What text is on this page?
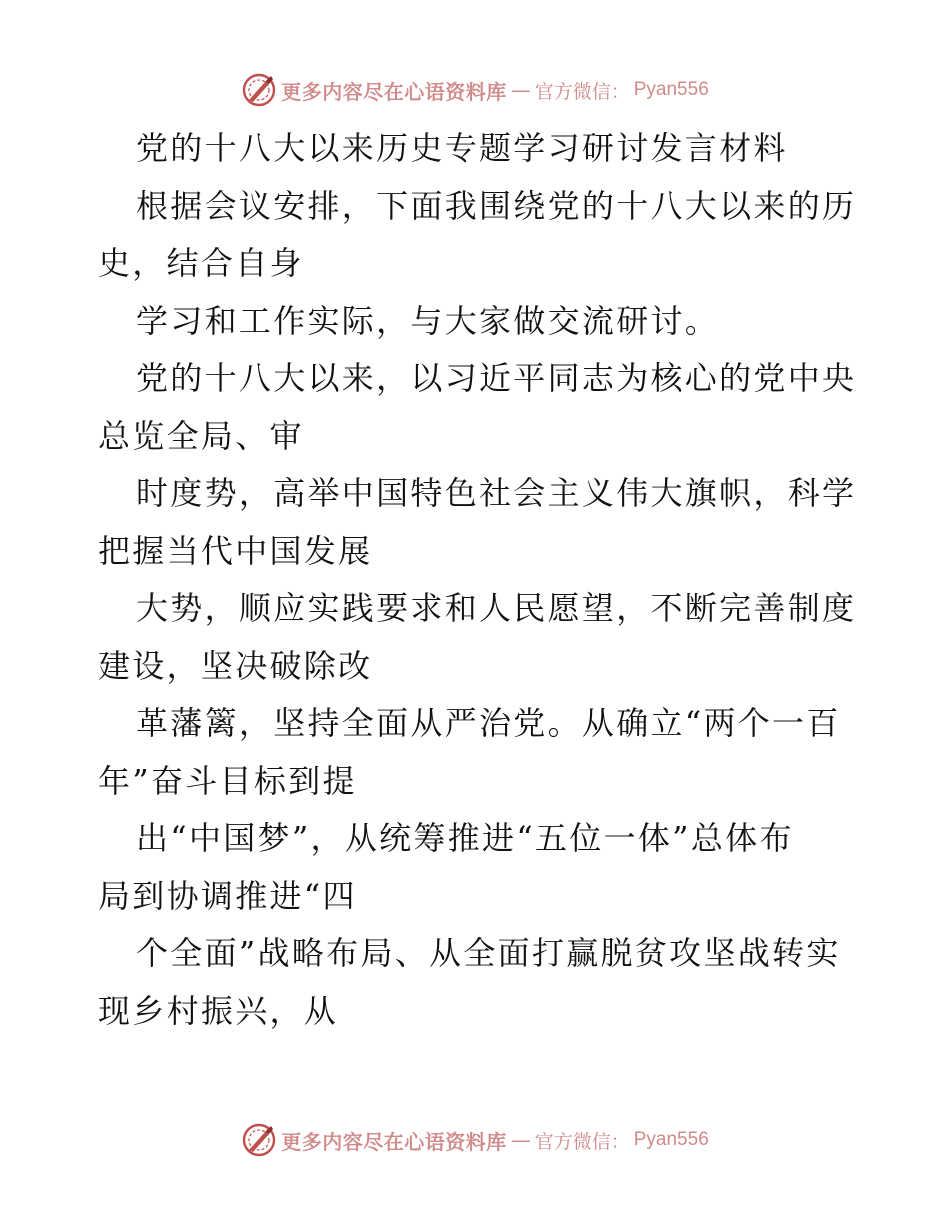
更多内容尽在心语资料库 — 官方微信： Pyan556
党的十八大以来历史专题学习研讨发言材料
根据会议安排，下面我围绕党的十八大以来的历
史，结合自身
学习和工作实际，与大家做交流研讨。
党的十八大以来，以习近平同志为核心的党中央
总览全局、审
时度势，高举中国特色社会主义伟大旗帜，科学
把握当代中国发展
大势，顺应实践要求和人民愿望，不断完善制度
建设，坚决破除改
革藩篱，坚持全面从严治党。从确立“两个一百
年”奋斗目标到提
出“中国梦”，从统筹推进“五位一体”总体布
局到协调推进“四
个全面”战略布局、从全面打赢脱贫攻坚战转实
现乡村振兴，从
更多内容尽在心语资料库 — 官方微信： Pyan556
